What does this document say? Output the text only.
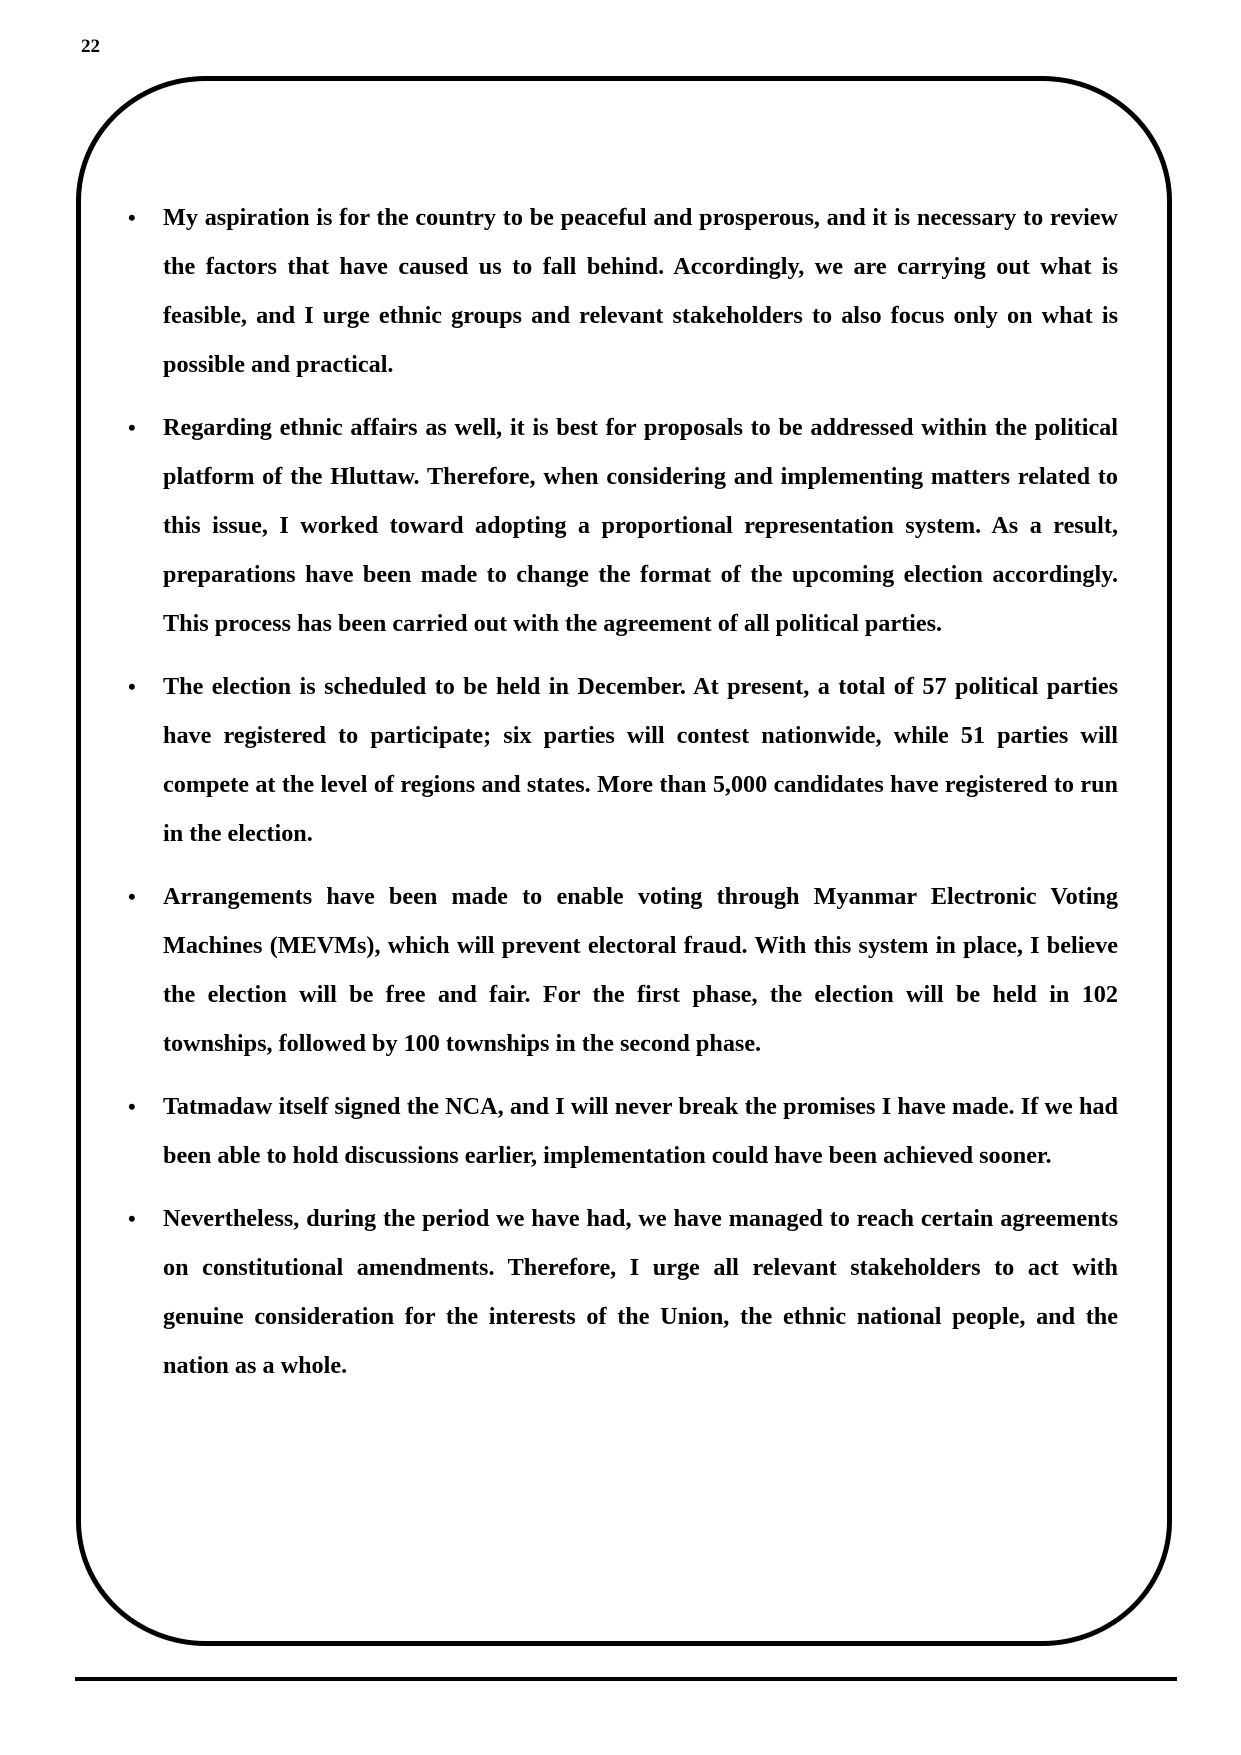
22
• My aspiration is for the country to be peaceful and prosperous, and it is necessary to review the factors that have caused us to fall behind. Accordingly, we are carrying out what is feasible, and I urge ethnic groups and relevant stakeholders to also focus only on what is possible and practical.
• Regarding ethnic affairs as well, it is best for proposals to be addressed within the political platform of the Hluttaw. Therefore, when considering and implementing matters related to this issue, I worked toward adopting a proportional representation system. As a result, preparations have been made to change the format of the upcoming election accordingly. This process has been carried out with the agreement of all political parties.
• The election is scheduled to be held in December. At present, a total of 57 political parties have registered to participate; six parties will contest nationwide, while 51 parties will compete at the level of regions and states. More than 5,000 candidates have registered to run in the election.
• Arrangements have been made to enable voting through Myanmar Electronic Voting Machines (MEVMs), which will prevent electoral fraud. With this system in place, I believe the election will be free and fair. For the first phase, the election will be held in 102 townships, followed by 100 townships in the second phase.
• Tatmadaw itself signed the NCA, and I will never break the promises I have made. If we had been able to hold discussions earlier, implementation could have been achieved sooner.
• Nevertheless, during the period we have had, we have managed to reach certain agreements on constitutional amendments. Therefore, I urge all relevant stakeholders to act with genuine consideration for the interests of the Union, the ethnic national people, and the nation as a whole.
